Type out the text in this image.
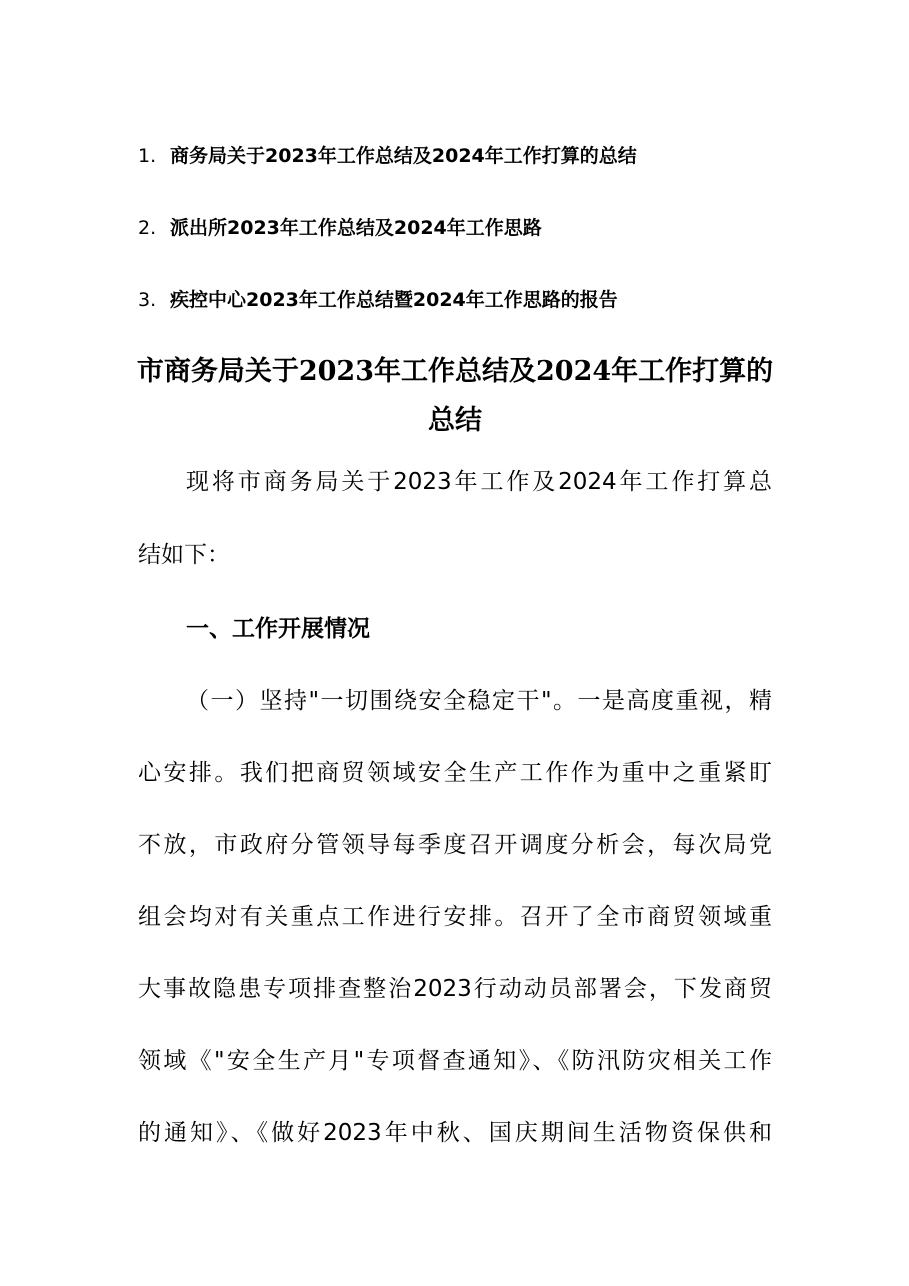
1. 商务局关于2023年工作总结及2024年工作打算的总结
2. 派出所2023年工作总结及2024年工作思路
3. 疾控中心2023年工作总结暨2024年工作思路的报告
市商务局关于2023年工作总结及2024年工作打算的
总结
现将市商务局关于2023年工作及2024年工作打算总
结如下：
一、工作开展情况
（一）坚持"一切围绕安全稳定干"。一是高度重视，精
心安排。我们把商贸领域安全生产工作作为重中之重紧盯
不放，市政府分管领导每季度召开调度分析会，每次局党
组会均对有关重点工作进行安排。召开了全市商贸领域重
大事故隐患专项排查整治2023行动动员部署会，下发商贸
领域《"安全生产月"专项督查通知》、《防汛防灾相关工作
的通知》、《做好2023年中秋、国庆期间生活物资保供和
